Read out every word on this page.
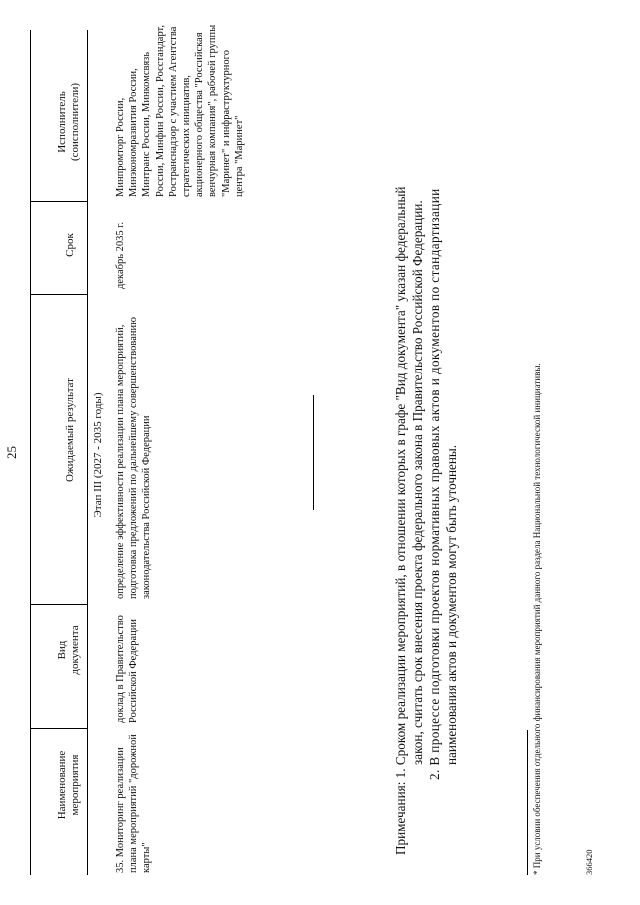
25
Наименование мероприятия
Вид документа
Ожидаемый результат
Срок
Исполнитель (соисполнители)
Этап III (2027 - 2035 годы)
35. Мониторинг реализации плана мероприятий "дорожной карты"
доклад в Правительство Российской Федерации
определение эффективности реализации плана мероприятий, подготовка предложений по дальнейшему совершенствованию законодательства Российской Федерации
декабрь 2035 г.
Минпромторг России, Минэкономразвития России, Минтранс России, Минкомсвязь России, Минфин России, Росстандарт, Ространснадзор с участием Агентства стратегических инициатив, акционерного общества "Российская венчурная компания", рабочей группы "Маринет" и инфраструктурного центра "Маринет"
Примечания: 1. Сроком реализации мероприятий, в отношении которых в графе "Вид документа" указан федеральный закон, считать срок внесения проекта федерального закона в Правительство Российской Федерации. 2. В процессе подготовки проектов нормативных правовых актов и документов по стандартизации наименования актов и документов могут быть уточнены.	* При условии обеспечения отдельного финансирования мероприятий данного раздела Национальной технологической инициативы.	366420
